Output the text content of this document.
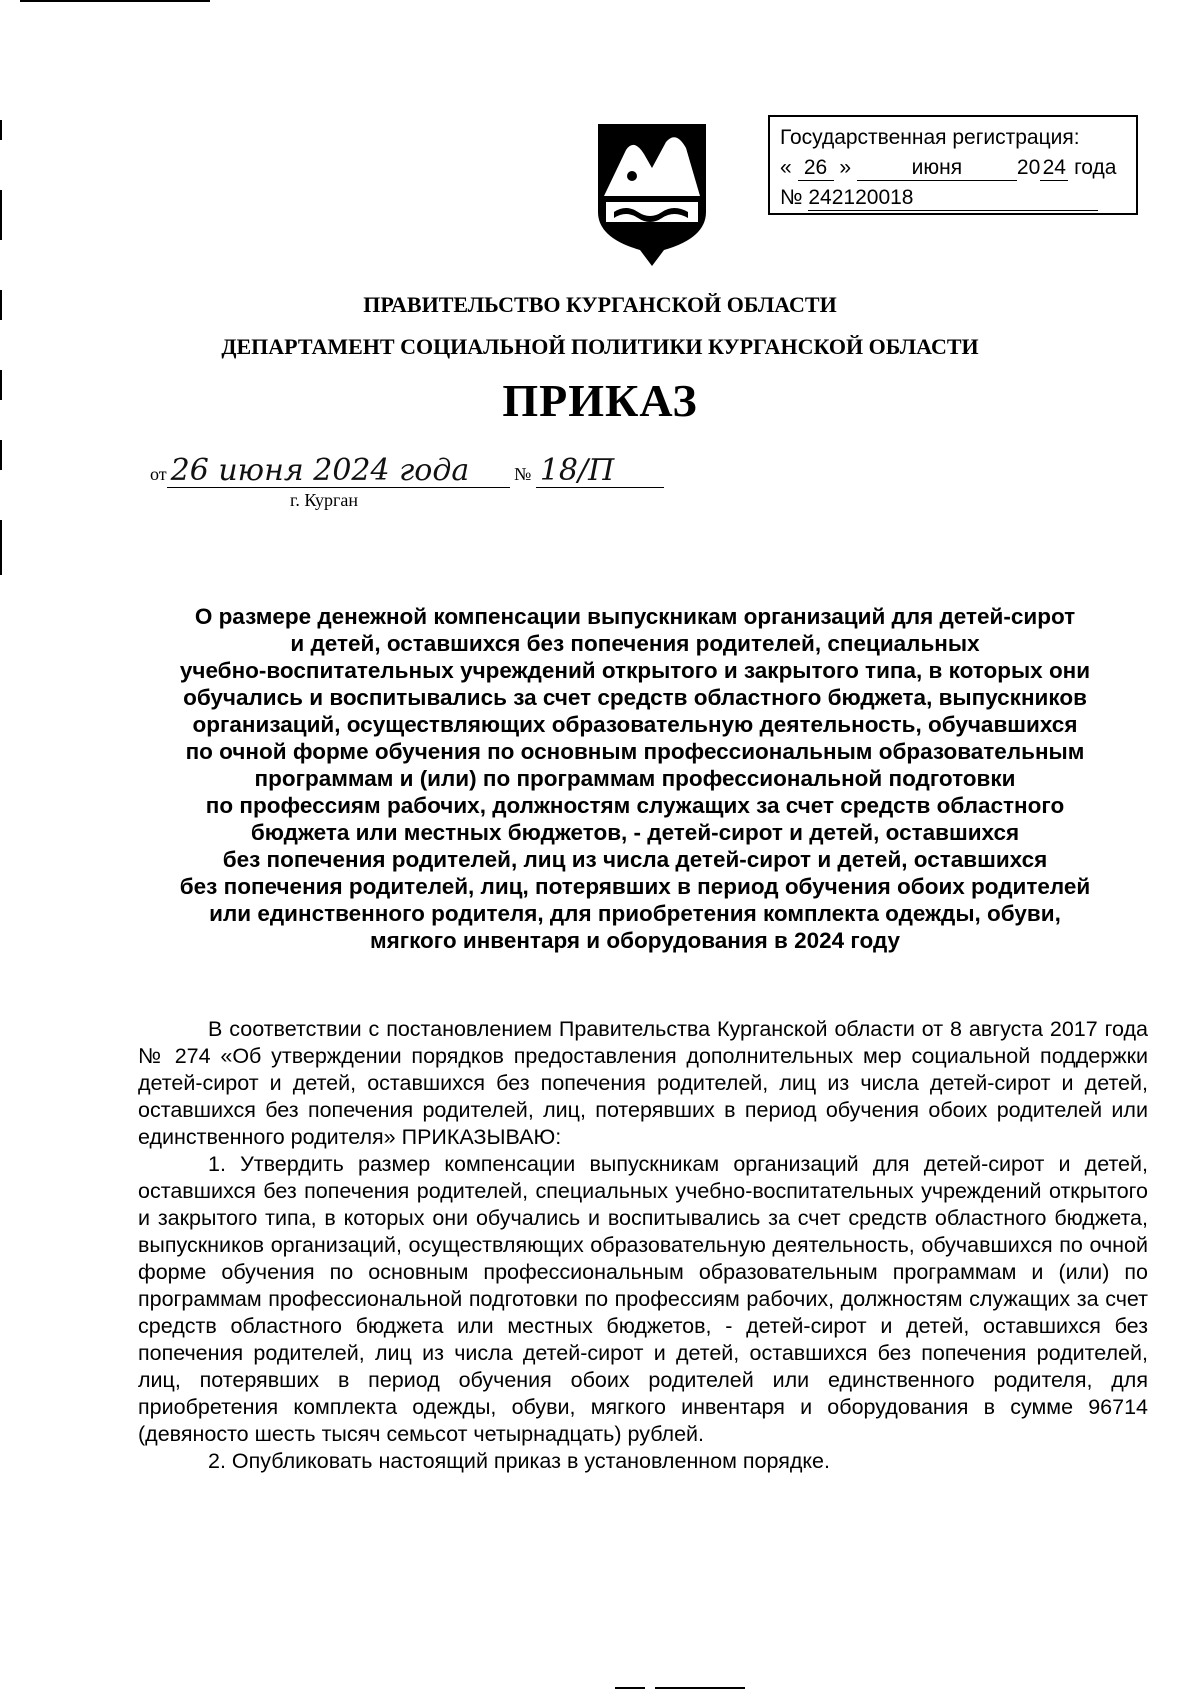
Государственная регистрация:
« 26 »	июня	20 24 года
№ 242120018
ПРАВИТЕЛЬСТВО КУРГАНСКОЙ ОБЛАСТИ
ДЕПАРТАМЕНТ СОЦИАЛЬНОЙ ПОЛИТИКИ КУРГАНСКОЙ ОБЛАСТИ
ПРИКАЗ
от 26 июня 2024 года № 18/П
г. Курган
О размере денежной компенсации выпускникам организаций для детей-сирот
и детей, оставшихся без попечения родителей, специальных
учебно-воспитательных учреждений открытого и закрытого типа, в которых они
обучались и воспитывались за счет средств областного бюджета, выпускников
организаций, осуществляющих образовательную деятельность, обучавшихся
по очной форме обучения по основным профессиональным образовательным
программам и (или) по программам профессиональной подготовки
по профессиям рабочих, должностям служащих за счет средств областного
бюджета или местных бюджетов, - детей-сирот и детей, оставшихся
без попечения родителей, лиц из числа детей-сирот и детей, оставшихся
без попечения родителей, лиц, потерявших в период обучения обоих родителей
или единственного родителя, для приобретения комплекта одежды, обуви,
мягкого инвентаря и оборудования в 2024 году

В соответствии с постановлением Правительства Курганской области от 8 августа 2017 года № 274 «Об утверждении порядков предоставления дополнительных мер социальной поддержки детей-сирот и детей, оставшихся без попечения родителей, лиц из числа детей-сирот и детей, оставшихся без попечения родителей, лиц, потерявших в период обучения обоих родителей или единственного родителя» ПРИКАЗЫВАЮ:

1. Утвердить размер компенсации выпускникам организаций для детей-сирот и детей, оставшихся без попечения родителей, специальных учебно-воспитательных учреждений открытого и закрытого типа, в которых они обучались и воспитывались за счет средств областного бюджета, выпускников организаций, осуществляющих образовательную деятельность, обучавшихся по очной форме обучения по основным профессиональным образовательным программам и (или) по программам профессиональной подготовки по профессиям рабочих, должностям служащих за счет средств областного бюджета или местных бюджетов, - детей-сирот и детей, оставшихся без попечения родителей, лиц из числа детей-сирот и детей, оставшихся без попечения родителей, лиц, потерявших в период обучения обоих родителей или единственного родителя, для приобретения комплекта одежды, обуви, мягкого инвентаря и оборудования в сумме 96714 (девяносто шесть тысяч семьсот четырнадцать) рублей.

2. Опубликовать настоящий приказ в установленном порядке.
